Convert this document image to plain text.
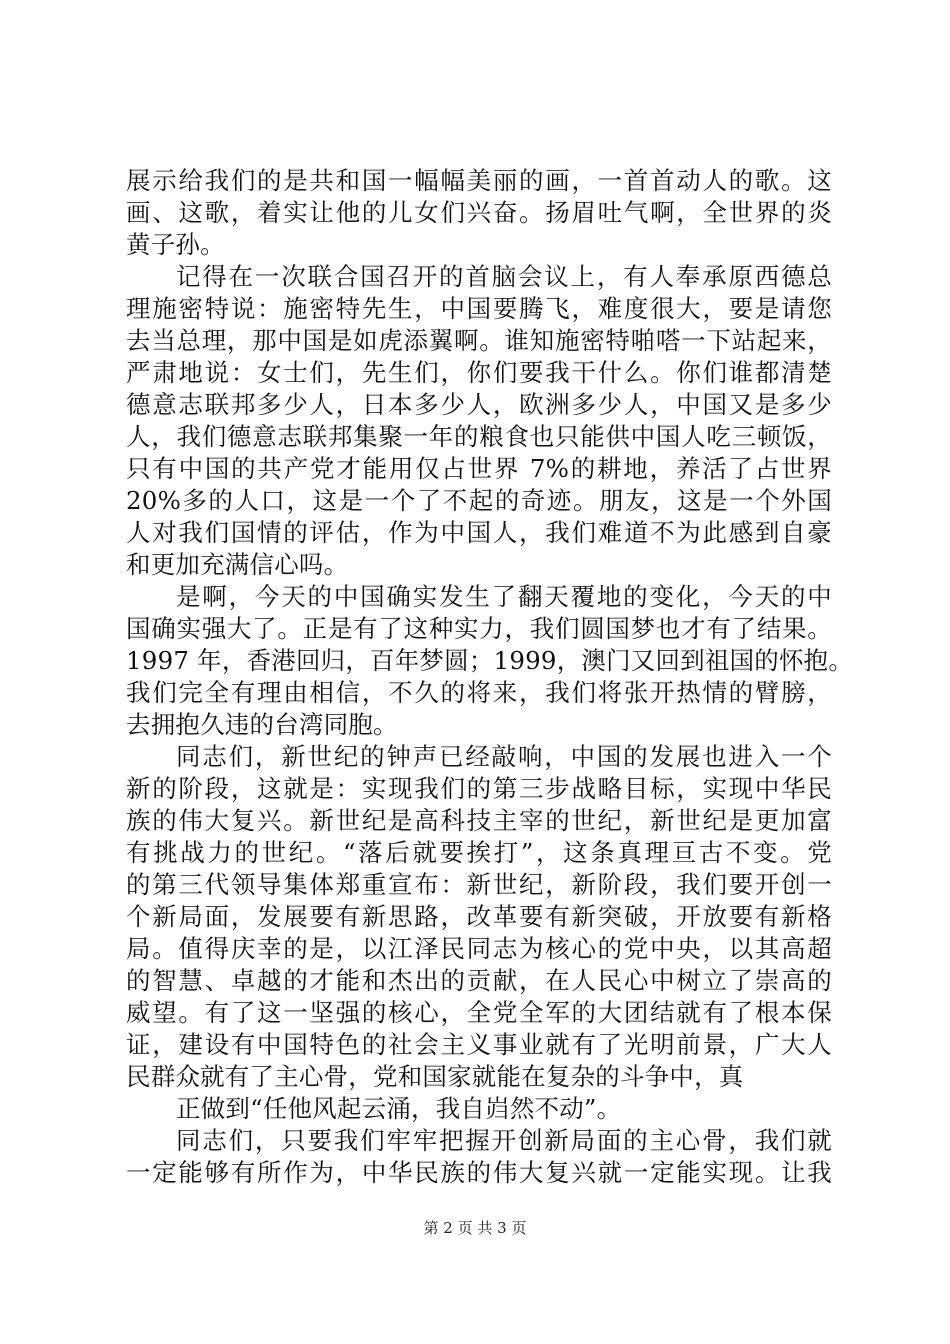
展示给我们的是共和国一幅幅美丽的画，一首首动人的歌。这
画、这歌，着实让他的儿女们兴奋。扬眉吐气啊，全世界的炎
黄子孙。
记得在一次联合国召开的首脑会议上，有人奉承原西德总
理施密特说：施密特先生，中国要腾飞，难度很大，要是请您
去当总理，那中国是如虎添翼啊。谁知施密特啪嗒一下站起来，
严肃地说：女士们，先生们，你们要我干什么。你们谁都清楚
德意志联邦多少人，日本多少人，欧洲多少人，中国又是多少
人，我们德意志联邦集聚一年的粮食也只能供中国人吃三顿饭，
只有中国的共产党才能用仅占世界 7%的耕地，养活了占世界
20%多的人口，这是一个了不起的奇迹。朋友，这是一个外国
人对我们国情的评估，作为中国人，我们难道不为此感到自豪
和更加充满信心吗。
是啊，今天的中国确实发生了翻天覆地的变化，今天的中
国确实强大了。正是有了这种实力，我们圆国梦也才有了结果。
1997 年，香港回归，百年梦圆；1999，澳门又回到祖国的怀抱。
我们完全有理由相信，不久的将来，我们将张开热情的臂膀，
去拥抱久违的台湾同胞。
同志们，新世纪的钟声已经敲响，中国的发展也进入一个
新的阶段，这就是：实现我们的第三步战略目标，实现中华民
族的伟大复兴。新世纪是高科技主宰的世纪，新世纪是更加富
有挑战力的世纪。“落后就要挨打”，这条真理亘古不变。党
的第三代领导集体郑重宣布：新世纪，新阶段，我们要开创一
个新局面，发展要有新思路，改革要有新突破，开放要有新格
局。值得庆幸的是，以江泽民同志为核心的党中央，以其高超
的智慧、卓越的才能和杰出的贡献，在人民心中树立了崇高的
威望。有了这一坚强的核心，全党全军的大团结就有了根本保
证，建设有中国特色的社会主义事业就有了光明前景，广大人
民群众就有了主心骨，党和国家就能在复杂的斗争中，真
正做到“任他风起云涌，我自岿然不动”。
同志们，只要我们牢牢把握开创新局面的主心骨，我们就
一定能够有所作为，中华民族的伟大复兴就一定能实现。让我
第 2 页 共 3 页
